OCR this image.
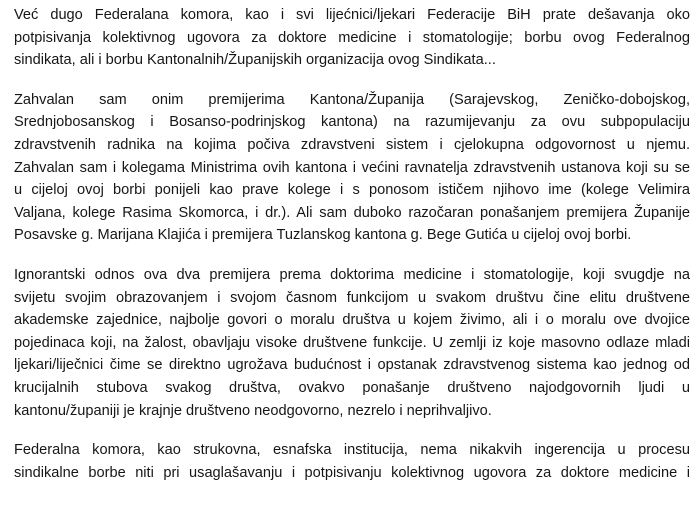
Već dugo Federalana komora, kao i svi lijećnici/ljekari Federacije BiH prate dešavanja oko
potpisivanja kolektivnog ugovora za doktore medicine i stomatologije; borbu ovog Federalnog
sindikata, ali i borbu Kantonalnih/Županijskih organizacija ovog Sindikata...
Zahvalan sam onim premijerima Kantona/Županija (Sarajevskog, Zeničko-dobojskog,
Srednjobosanskog i Bosanso-podrinjskog kantona) na razumijevanju za ovu subpopulaciju
zdravstvenih radnika na kojima počiva zdravstveni sistem i cjelokupna odgovornost u njemu.
Zahvalan sam i kolegama Ministrima ovih kantona i većini ravnatelja zdravstvenih ustanova koji su se
u cijeloj ovoj borbi ponijeli kao prave kolege i s ponosom ističem njihovo ime (kolege Velimira
Valjana, kolege Rasima Skomorca, i dr.). Ali sam duboko razočaran ponašanjem premijera Županije
Posavske g. Marijana Klajića i premijera Tuzlanskog kantona g. Bege Gutića u cijeloj ovoj borbi.
Ignorantski odnos ova dva premijera prema doktorima medicine i stomatologije, koji svugdje na
svijetu svojim obrazovanjem i svojom časnom funkcijom u svakom društvu čine elitu društvene
akademske zajednice, najbolje govori o moralu društva u kojem živimo, ali i o moralu ove dvojice
pojedinaca koji, na žalost, obavljaju visoke društvene funkcije. U zemlji iz koje masovno odlaze mladi
ljekari/liječnici čime se direktno ugrožava budućnost i opstanak zdravstvenog sistema kao jednog od
krucijalnih stubova svakog društva, ovakvo ponašanje društveno najodgovornih ljudi u
kantonu/županiji je krajnje društveno neodgovorno, nezrelo i neprihvaljivo.
Federalna komora, kao strukovna, esnafska institucija, nema nikakvih ingerencija u procesu
sindikalne borbe niti pri usaglašavanju i potpisivanju kolektivnog ugovora za doktore medicine i
